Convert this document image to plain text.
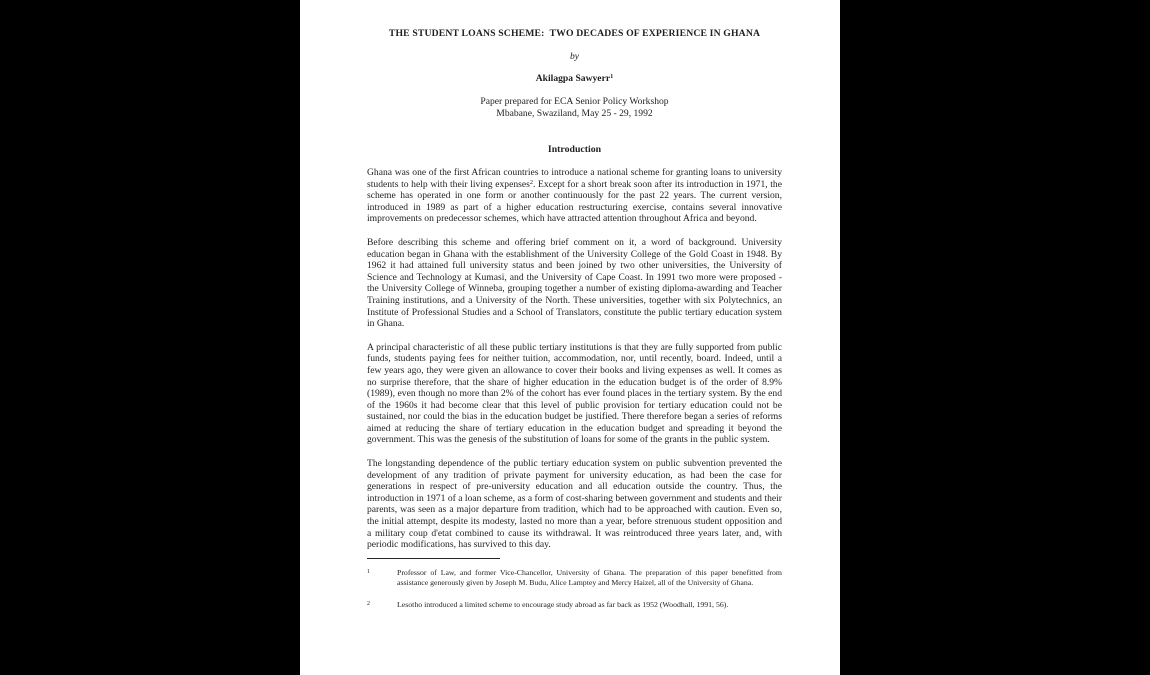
THE STUDENT LOANS SCHEME:  TWO DECADES OF EXPERIENCE IN GHANA
by
Akilagpa Sawyerr$^1$
Paper prepared for ECA Senior Policy Workshop
Mbabane, Swaziland, May 25 - 29, 1992
Introduction

Ghana was one of the first African countries to introduce a national scheme for granting loans to university students to help with their living expenses$^2$. Except for a short break soon after its introduction in 1971, the scheme has operated in one form or another continuously for the past 22 years. The current version, introduced in 1989 as part of a higher education restructuring exercise, contains several innovative improvements on predecessor schemes, which have attracted attention throughout Africa and beyond.

Before describing this scheme and offering brief comment on it, a word of background. University education began in Ghana with the establishment of the University College of the Gold Coast in 1948. By 1962 it had attained full university status and been joined by two other universities, the University of Science and Technology at Kumasi, and the University of Cape Coast. In 1991 two more were proposed - the University College of Winneba, grouping together a number of existing diploma-awarding and Teacher Training institutions, and a University of the North. These universities, together with six Polytechnics, an Institute of Professional Studies and a School of Translators, constitute the public tertiary education system in Ghana.

A principal characteristic of all these public tertiary institutions is that they are fully supported from public funds, students paying fees for neither tuition, accommodation, nor, until recently, board. Indeed, until a few years ago, they were given an allowance to cover their books and living expenses as well. It comes as no surprise therefore, that the share of higher education in the education budget is of the order of 8.9% (1989), even though no more than 2% of the cohort has ever found places in the tertiary system. By the end of the 1960s it had become clear that this level of public provision for tertiary education could not be sustained, nor could the bias in the education budget be justified. There therefore began a series of reforms aimed at reducing the share of tertiary education in the education budget and spreading it beyond the government. This was the genesis of the substitution of loans for some of the grants in the public system.

The longstanding dependence of the public tertiary education system on public subvention prevented the development of any tradition of private payment for university education, as had been the case for generations in respect of pre-university education and all education outside the country. Thus, the introduction in 1971 of a loan scheme, as a form of cost-sharing between government and students and their parents, was seen as a major departure from tradition, which had to be approached with caution. Even so, the initial attempt, despite its modesty, lasted no more than a year, before strenuous student opposition and a military coup d'etat combined to cause its withdrawal. It was reintroduced three years later, and, with periodic modifications, has survived to this day.

1	Professor of Law, and former Vice-Chancellor, University of Ghana. The preparation of this paper benefitted from assistance generously given by Joseph M. Budu, Alice Lamptey and Mercy Haizel, all of the University of Ghana.
2	Lesotho introduced a limited scheme to encourage study abroad as far back as 1952 (Woodhall, 1991, 56).
